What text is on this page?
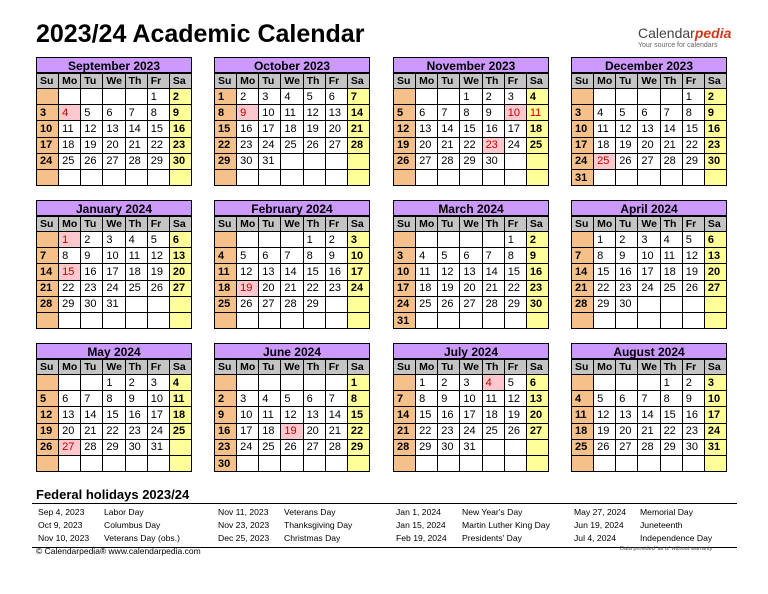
2023/24 Academic Calendar	Calendarpedia
Your source for calendars
September 2023
Su	Mo	Tu	We	Th	Fr	Sa
					1	2
3	4	5	6	7	8	9
10	11	12	13	14	15	16
17	18	19	20	21	22	23
24	25	26	27	28	29	30

October 2023
Su	Mo	Tu	We	Th	Fr	Sa
1	2	3	4	5	6	7
8	9	10	11	12	13	14
15	16	17	18	19	20	21
22	23	24	25	26	27	28
29	30	31				

November 2023
Su	Mo	Tu	We	Th	Fr	Sa
			1	2	3	4
5	6	7	8	9	10	11
12	13	14	15	16	17	18
19	20	21	22	23	24	25
26	27	28	29	30		

December 2023
Su	Mo	Tu	We	Th	Fr	Sa
					1	2
3	4	5	6	7	8	9
10	11	12	13	14	15	16
17	18	19	20	21	22	23
24	25	26	27	28	29	30
31						
January 2024
Su	Mo	Tu	We	Th	Fr	Sa
	1	2	3	4	5	6
7	8	9	10	11	12	13
14	15	16	17	18	19	20
21	22	23	24	25	26	27
28	29	30	31			

February 2024
Su	Mo	Tu	We	Th	Fr	Sa
				1	2	3
4	5	6	7	8	9	10
11	12	13	14	15	16	17
18	19	20	21	22	23	24
25	26	27	28	29		

March 2024
Su	Mo	Tu	We	Th	Fr	Sa
					1	2
3	4	5	6	7	8	9
10	11	12	13	14	15	16
17	18	19	20	21	22	23
24	25	26	27	28	29	30
31						
April 2024
Su	Mo	Tu	We	Th	Fr	Sa
	1	2	3	4	5	6
7	8	9	10	11	12	13
14	15	16	17	18	19	20
21	22	23	24	25	26	27
28	29	30				

May 2024
Su	Mo	Tu	We	Th	Fr	Sa
			1	2	3	4
5	6	7	8	9	10	11
12	13	14	15	16	17	18
19	20	21	22	23	24	25
26	27	28	29	30	31	

June 2024
Su	Mo	Tu	We	Th	Fr	Sa
						1
2	3	4	5	6	7	8
9	10	11	12	13	14	15
16	17	18	19	20	21	22
23	24	25	26	27	28	29
30						
July 2024
Su	Mo	Tu	We	Th	Fr	Sa
	1	2	3	4	5	6
7	8	9	10	11	12	13
14	15	16	17	18	19	20
21	22	23	24	25	26	27
28	29	30	31			

August 2024
Su	Mo	Tu	We	Th	Fr	Sa
				1	2	3
4	5	6	7	8	9	10
11	12	13	14	15	16	17
18	19	20	21	22	23	24
25	26	27	28	29	30	31

Federal holidays 2023/24
Sep 4, 2023 Labor Day
Oct 9, 2023	Columbus Day
Nov 10, 2023 Veterans Day (obs.)
Nov 11, 2023 Veterans Day
Nov 23, 2023 Thanksgiving Day
Dec 25, 2023 Christmas Day
Jan 1, 2024 New Year's Day
Jan 15, 2024 Martin Luther King Day
Feb 19, 2024 Presidents' Day
May 27, 2024 Memorial Day
Jun 19, 2024 Juneteenth
Jul 4, 2024	Independence Day
© Calendarpedia® www.calendarpedia.com	Data provided 'as is' without warranty
